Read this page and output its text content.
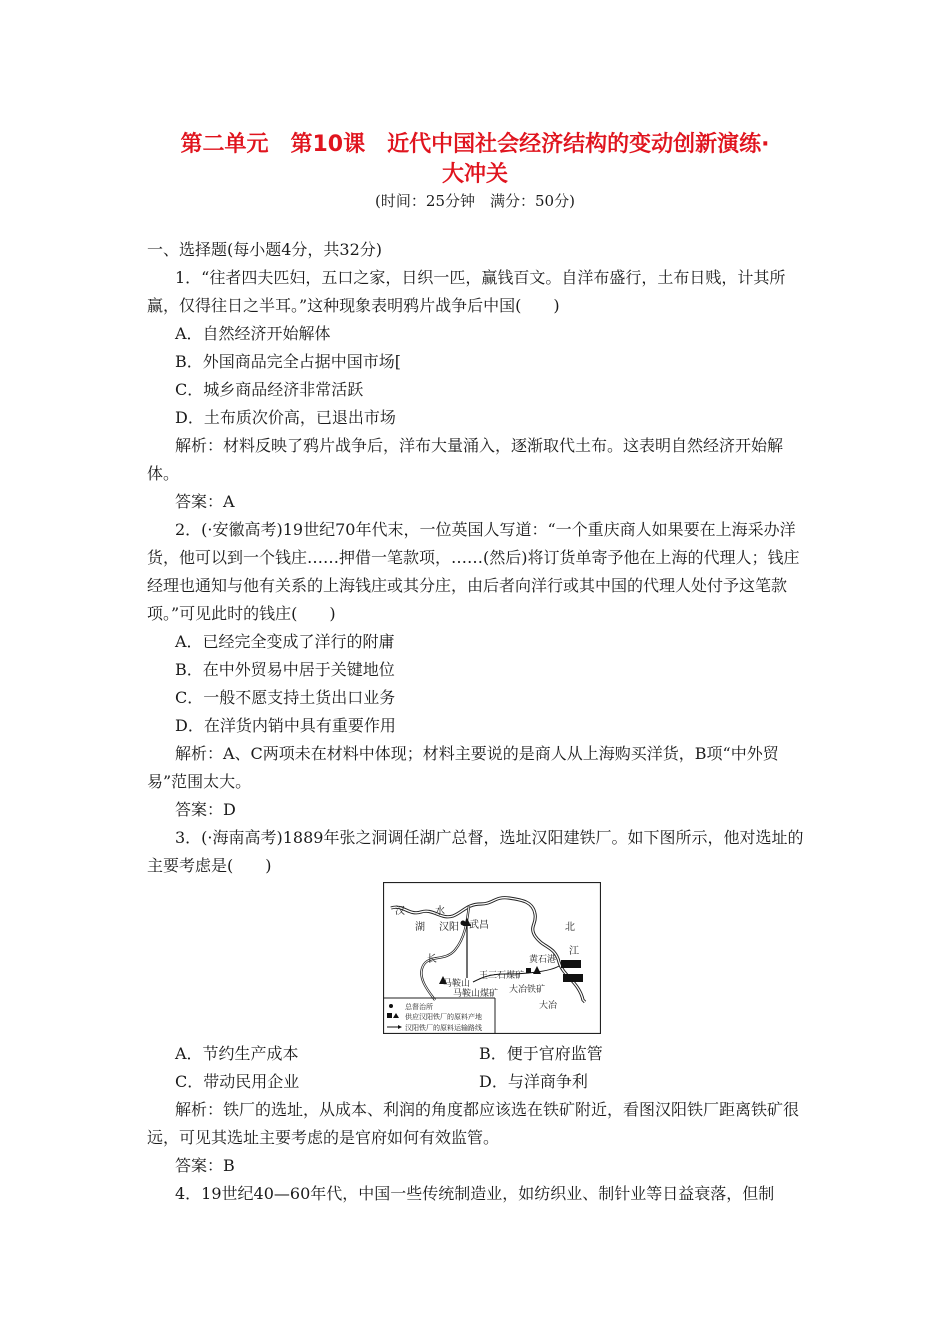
第二单元　第10课　近代中国社会经济结构的变动创新演练·
大冲关
(时间：25分钟　满分：50分)

一、选择题(每小题4分，共32分)

1．“往者四夫匹妇，五口之家，日织一匹，赢钱百文。自洋布盛行，土布日贱，计其所赢，仅得往日之半耳。”这种现象表明鸦片战争后中国(　　)

A．自然经济开始解体

B．外国商品完全占据中国市场[

C．城乡商品经济非常活跃

D．土布质次价高，已退出市场

解析：材料反映了鸦片战争后，洋布大量涌入，逐渐取代土布。这表明自然经济开始解体。

答案：A

2．(·安徽高考)19世纪70年代末，一位英国人写道：“一个重庆商人如果要在上海采办洋货，他可以到一个钱庄……押借一笔款项，……(然后)将订货单寄予他在上海的代理人；钱庄经理也通知与他有关系的上海钱庄或其分庄，由后者向洋行或其中国的代理人处付予这笔款项。”可见此时的钱庄(　　)

A．已经完全变成了洋行的附庸

B．在中外贸易中居于关键地位

C．一般不愿支持土货出口业务

D．在洋货内销中具有重要作用

解析：A、C两项未在材料中体现；材料主要说的是商人从上海购买洋货，B项“中外贸易”范围太大。

答案：D

3．(·海南高考)1889年张之洞调任湖广总督，选址汉阳建铁厂。如下图所示，他对选址的主要考虑是(　　)

汉	水
湖 汉阳 武昌	北
江
长
王三石煤矿
黄石港
马鞍山
马鞍山煤矿 大冶铁矿
大冶
总督治所
供应汉阳铁厂的原料产地
汉阳铁厂的原料运输路线

A．节约生产成本	B．便于官府监管

C．带动民用企业	D．与洋商争利

解析：铁厂的选址，从成本、利润的角度都应该选在铁矿附近，看图汉阳铁厂距离铁矿很远，可见其选址主要考虑的是官府如何有效监管。

答案：B

4．19世纪40—60年代，中国一些传统制造业，如纺织业、制针业等日益衰落，但制
